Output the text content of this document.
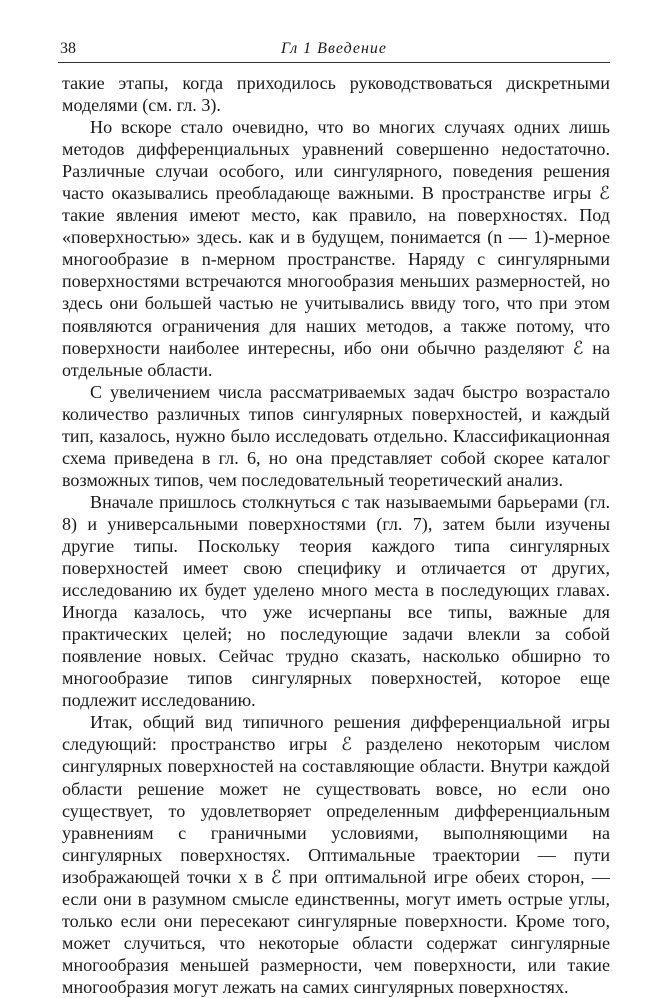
38	Гл 1 Введение

такие этапы, когда приходилось руководствоваться дискретными моделями (см. гл. 3).

Но вскоре стало очевидно, что во многих случаях одних лишь методов дифференциальных уравнений совершенно недостаточно. Различные случаи особого, или сингулярного, поведения решения часто оказывались преобладающе важными. В пространстве игры ℰ такие явления имеют место, как правило, на поверхностях. Под «поверхностью» здесь. как и в будущем, понимается (n — 1)-мерное многообразие в n-мерном пространстве. Наряду с сингулярными поверхностями встречаются многообразия меньших размерностей, но здесь они большей частью не учитывались ввиду того, что при этом появляются ограничения для наших методов, а также потому, что поверхности наиболее интересны, ибо они обычно разделяют ℰ на отдельные области.

С увеличением числа рассматриваемых задач быстро возрастало количество различных типов сингулярных поверхностей, и каждый тип, казалось, нужно было исследовать отдельно. Классификационная схема приведена в гл. 6, но она представляет собой скорее каталог возможных типов, чем последовательный теоретический анализ.

Вначале пришлось столкнуться с так называемыми барьерами (гл. 8) и универсальными поверхностями (гл. 7), затем были изучены другие типы. Поскольку теория каждого типа сингулярных поверхностей имеет свою специфику и отличается от других, исследованию их будет уделено много места в последующих главах. Иногда казалось, что уже исчерпаны все типы, важные для практических целей; но последующие задачи влекли за собой появление новых. Сейчас трудно сказать, насколько обширно то многообразие типов сингулярных поверхностей, которое еще подлежит исследованию.

Итак, общий вид типичного решения дифференциальной игры следующий: пространство игры ℰ разделено некоторым числом сингулярных поверхностей на составляющие области. Внутри каждой области решение может не существовать вовсе, но если оно существует, то удовлетворяет определенным дифференциальным уравнениям с граничными условиями, выполняющими на сингулярных поверхностях. Оптимальные траектории — пути изображающей точки x в ℰ при оптимальной игре обеих сторон, — если они в разумном смысле единственны, могут иметь острые углы, только если они пересекают сингулярные поверхности. Кроме того, может случиться, что некоторые области содержат сингулярные многообразия меньшей размерности, чем поверхности, или такие многообразия могут лежать на самих сингулярных поверхностях.
